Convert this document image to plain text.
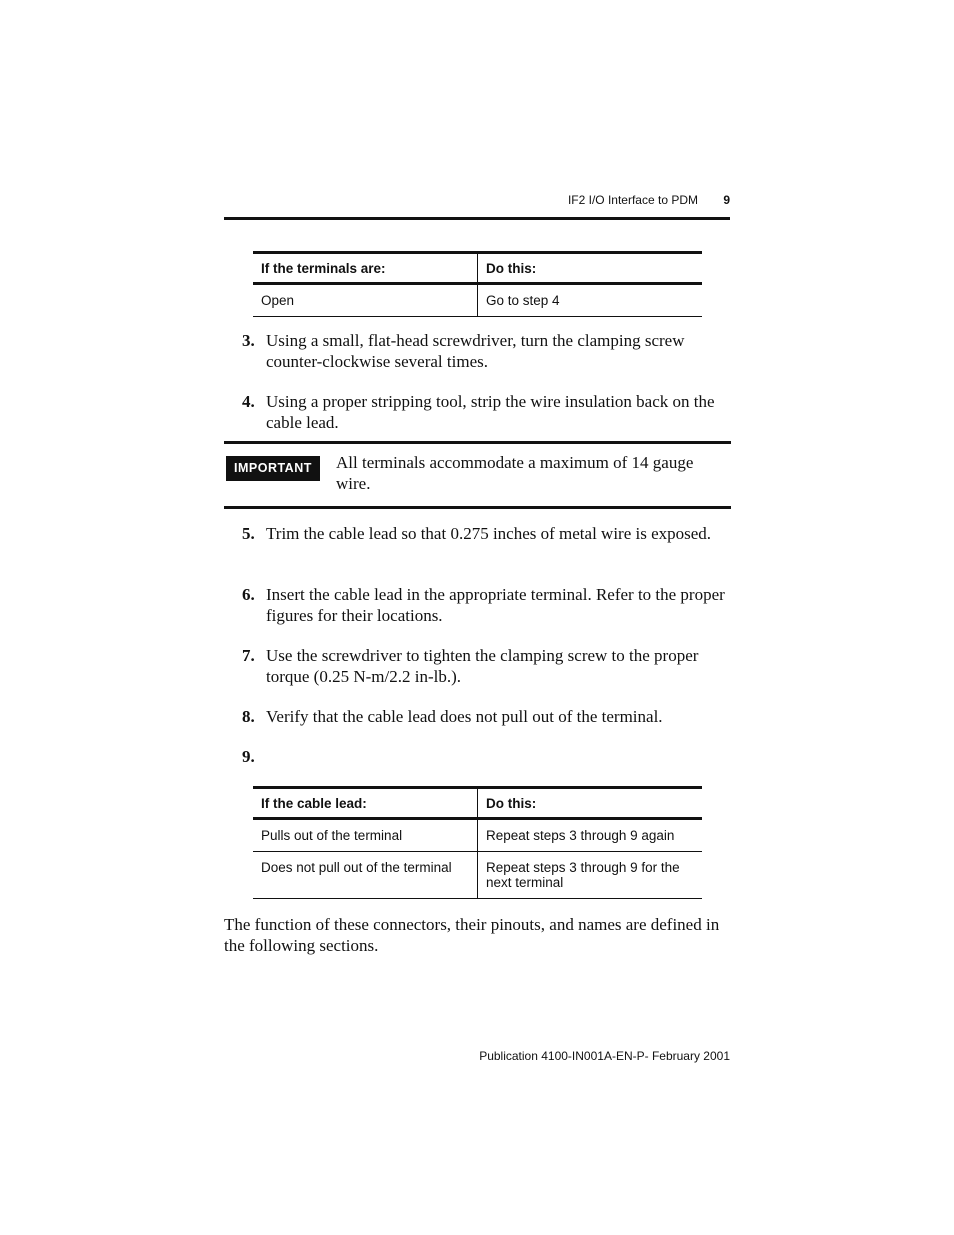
IF2 I/O Interface to PDM 9
If the terminals are:	Do this:
Open	Go to step 4
3. Using a small, flat-head screwdriver, turn the clamping screw counter-clockwise several times.
4. Using a proper stripping tool, strip the wire insulation back on the cable lead.
IMPORTANT	All terminals accommodate a maximum of 14 gauge wire.
5. Trim the cable lead so that 0.275 inches of metal wire is exposed.
6. Insert the cable lead in the appropriate terminal. Refer to the proper figures for their locations.
7. Use the screwdriver to tighten the clamping screw to the proper torque (0.25 N-m/2.2 in-lb.).
8. Verify that the cable lead does not pull out of the terminal.
9.
If the cable lead:	Do this:
Pulls out of the terminal	Repeat steps 3 through 9 again
Does not pull out of the terminal	Repeat steps 3 through 9 for the next terminal
The function of these connectors, their pinouts, and names are defined in the following sections.
Publication 4100-IN001A-EN-P- February 2001
